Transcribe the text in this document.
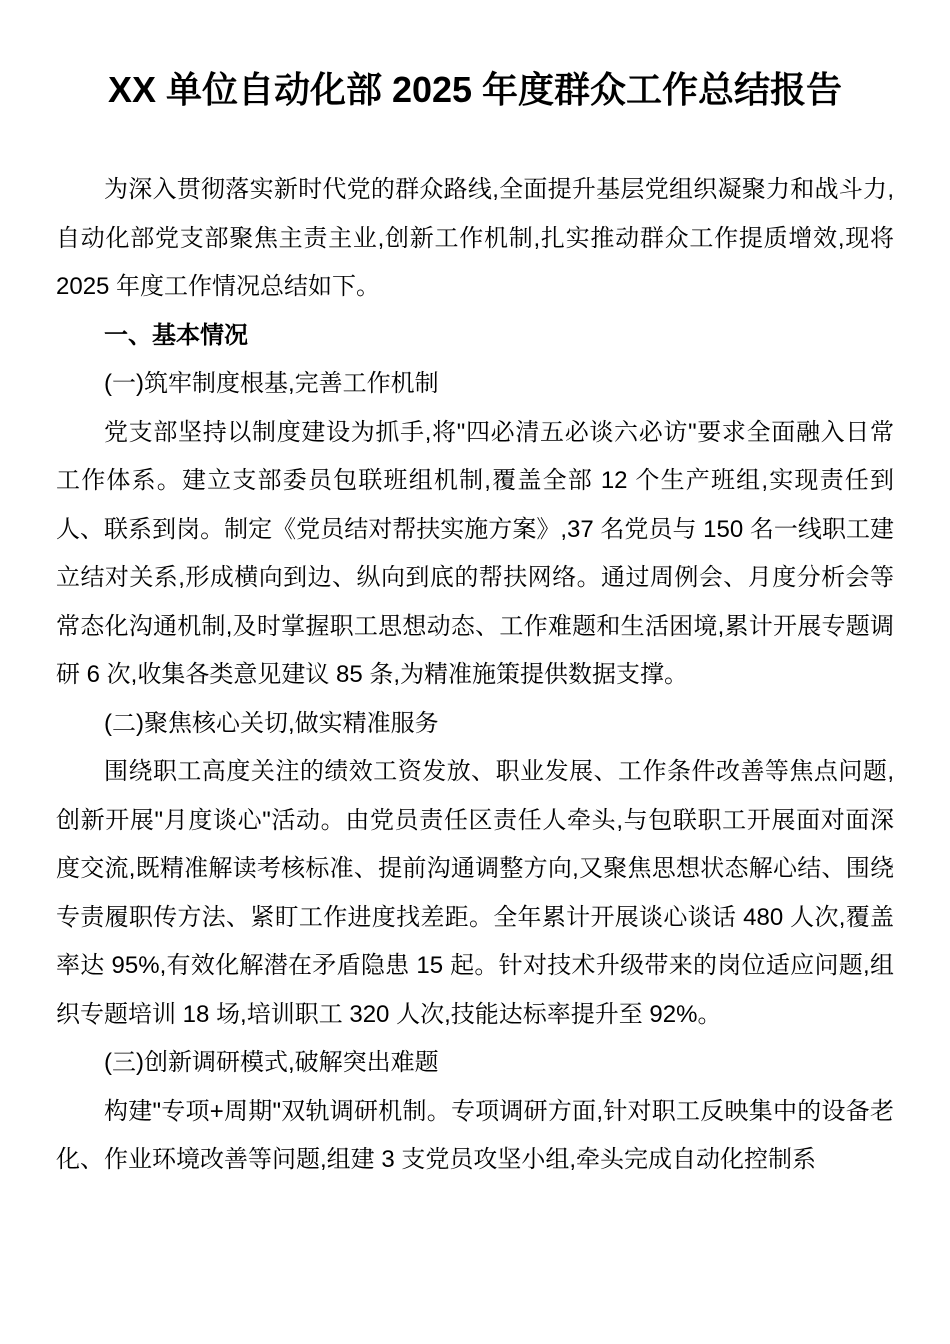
XX 单位自动化部 2025 年度群众工作总结报告

为深入贯彻落实新时代党的群众路线,全面提升基层党组织凝聚力和战斗力,自动化部党支部聚焦主责主业,创新工作机制,扎实推动群众工作提质增效,现将 2025 年度工作情况总结如下。

一、基本情况

(一)筑牢制度根基,完善工作机制

党支部坚持以制度建设为抓手,将"四必清五必谈六必访"要求全面融入日常工作体系。建立支部委员包联班组机制,覆盖全部 12 个生产班组,实现责任到人、联系到岗。制定《党员结对帮扶实施方案》,37 名党员与 150 名一线职工建立结对关系,形成横向到边、纵向到底的帮扶网络。通过周例会、月度分析会等常态化沟通机制,及时掌握职工思想动态、工作难题和生活困境,累计开展专题调研 6 次,收集各类意见建议 85 条,为精准施策提供数据支撑。

(二)聚焦核心关切,做实精准服务

围绕职工高度关注的绩效工资发放、职业发展、工作条件改善等焦点问题,创新开展"月度谈心"活动。由党员责任区责任人牵头,与包联职工开展面对面深度交流,既精准解读考核标准、提前沟通调整方向,又聚焦思想状态解心结、围绕专责履职传方法、紧盯工作进度找差距。全年累计开展谈心谈话 480 人次,覆盖率达 95%,有效化解潜在矛盾隐患 15 起。针对技术升级带来的岗位适应问题,组织专题培训 18 场,培训职工 320 人次,技能达标率提升至 92%。

(三)创新调研模式,破解突出难题

构建"专项+周期"双轨调研机制。专项调研方面,针对职工反映集中的设备老化、作业环境改善等问题,组建 3 支党员攻坚小组,牵头完成自动化控制系
